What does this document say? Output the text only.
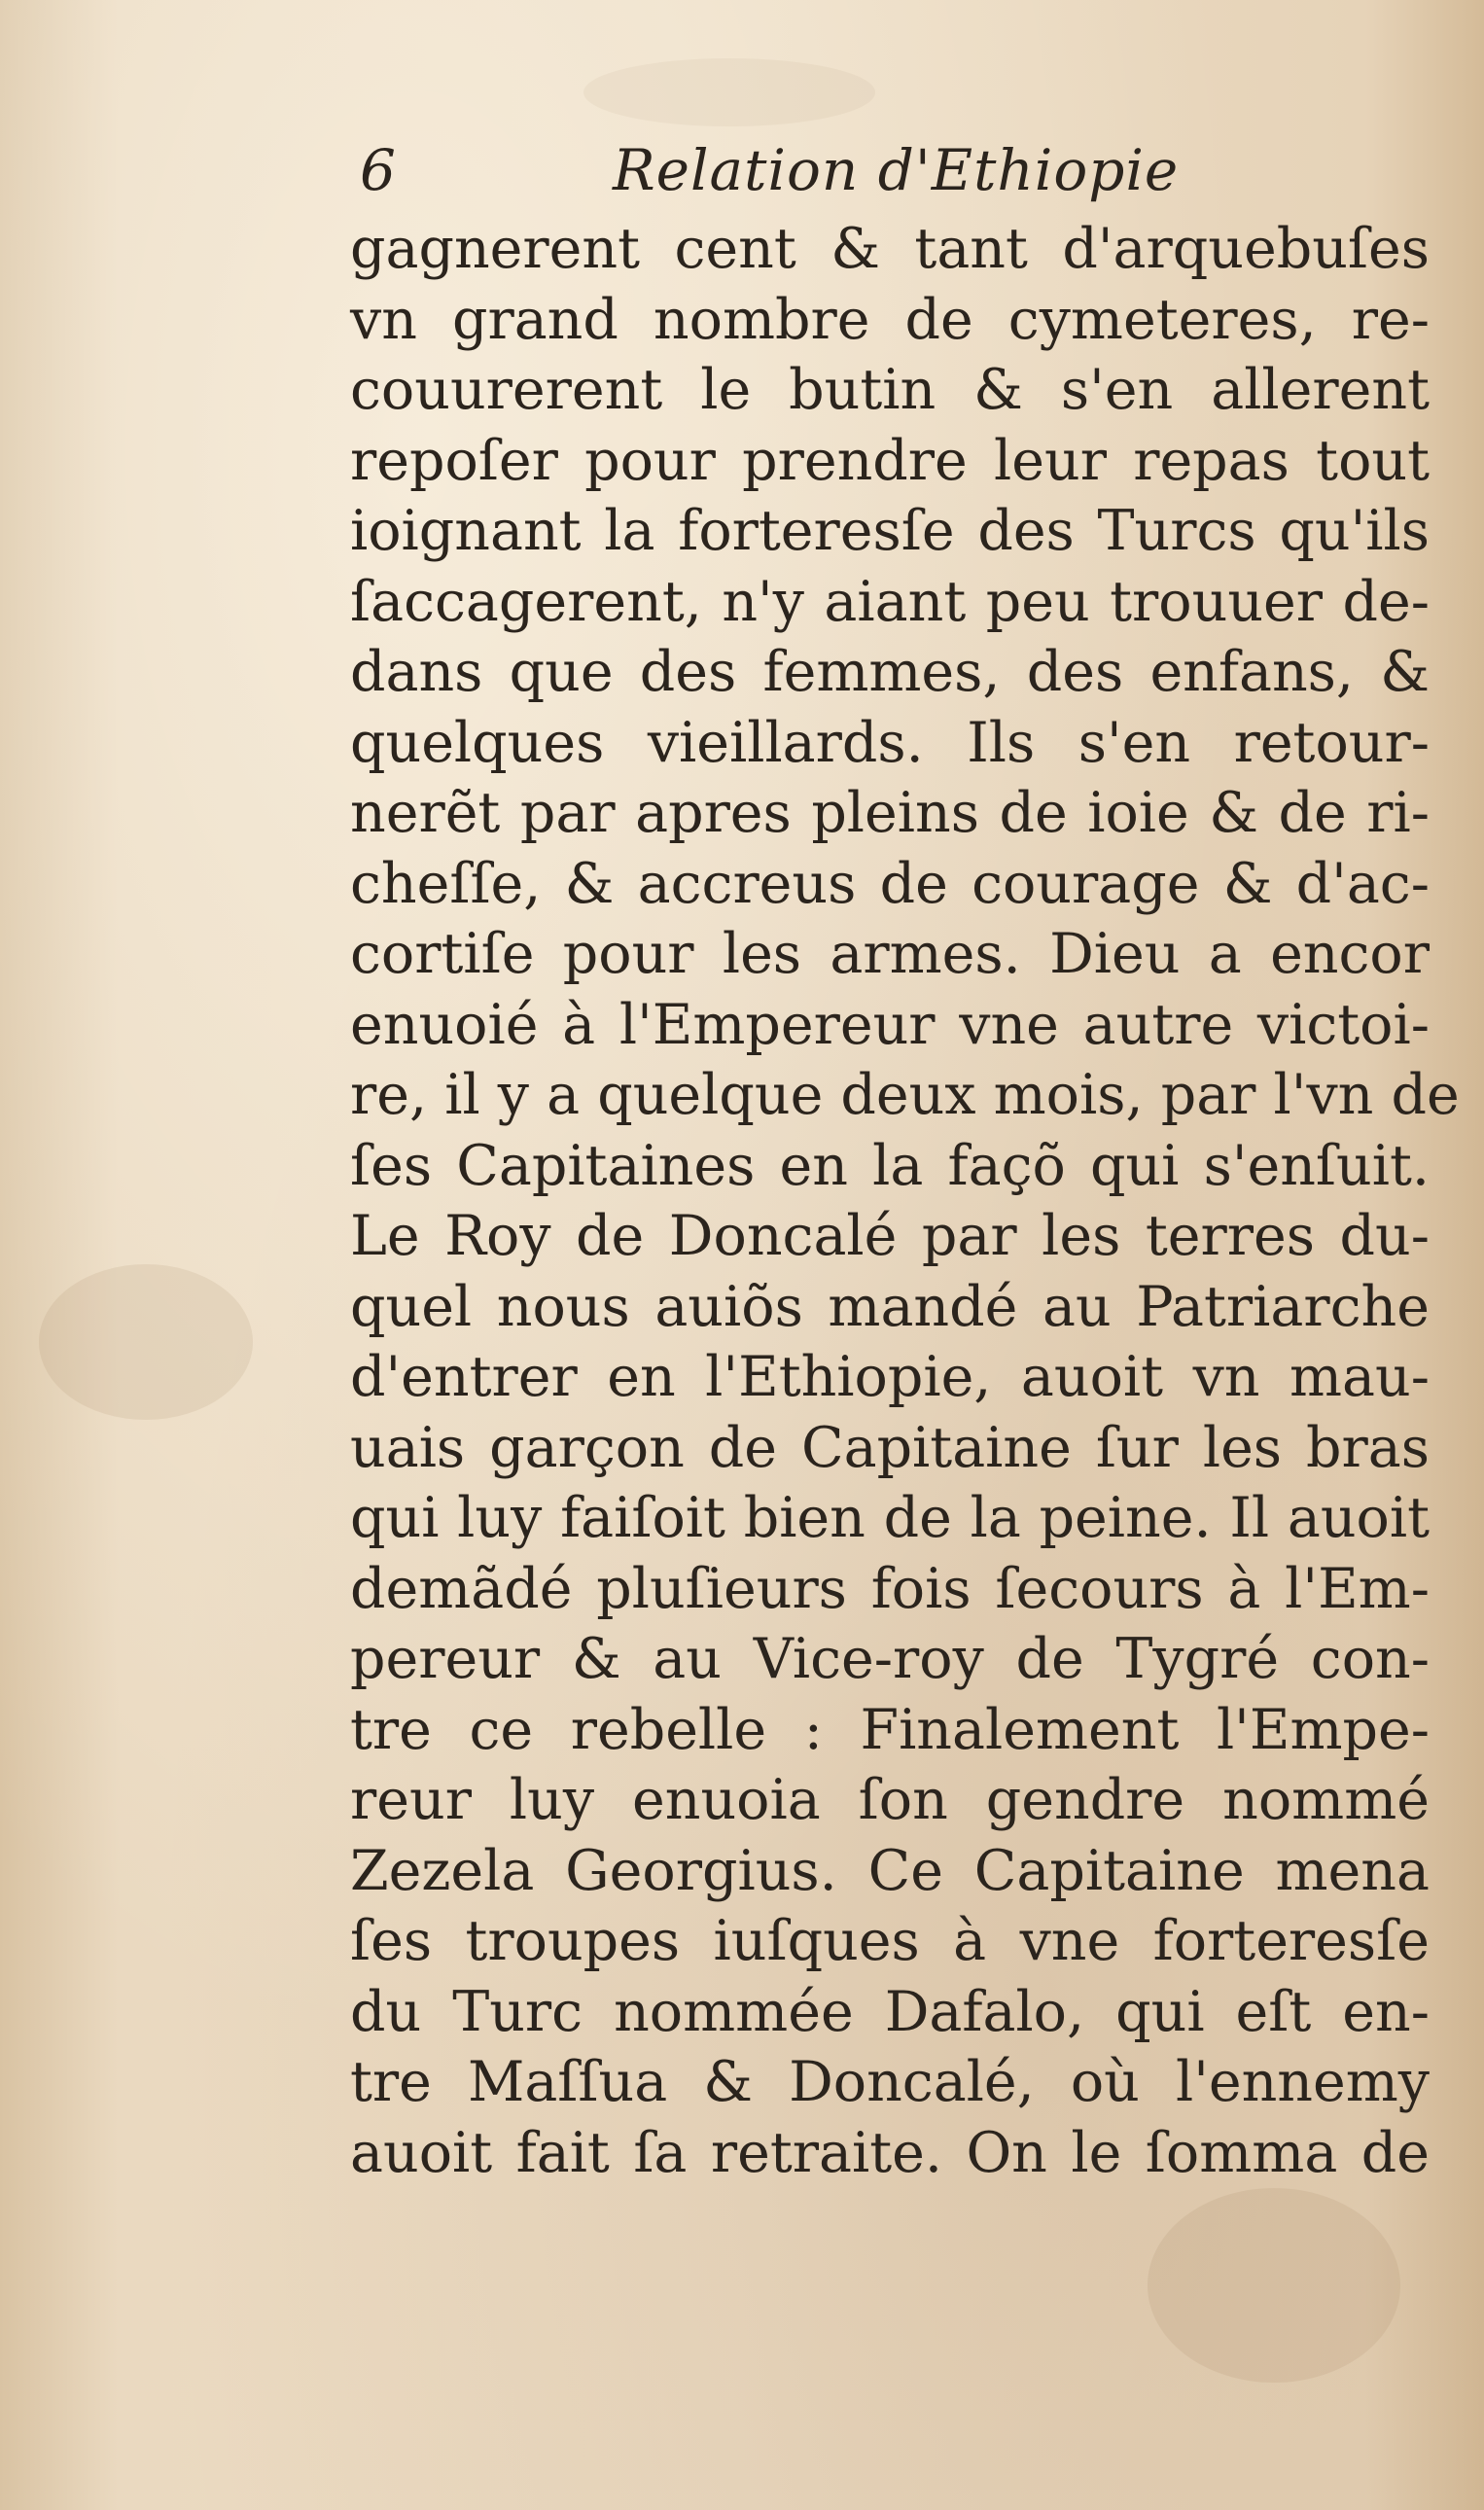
6	Relation d'Ethiopie
gagnerent cent & tant d'arquebuſes
vn grand nombre de cymeteres, re-
couurerent le butin & s'en allerent
repoſer pour prendre leur repas tout
ioignant la forteresſe des Turcs qu'ils
ſaccagerent, n'y aiant peu trouuer de-
dans que des femmes, des enfans, &
quelques vieillards. Ils s'en retour-
nerẽt par apres pleins de ioie & de ri-
cheſſe, & accreus de courage & d'ac-
cortiſe pour les armes. Dieu a encor
enuoié à l'Empereur vne autre victoi-
re, il y a quelque deux mois, par l'vn de
ſes Capitaines en la façõ qui s'enſuit.
Le Roy de Doncalé par les terres du-
quel nous auiõs mandé au Patriarche
d'entrer en l'Ethiopie, auoit vn mau-
uais garçon de Capitaine ſur les bras
qui luy faiſoit bien de la peine. Il auoit
demãdé pluſieurs fois ſecours à l'Em-
pereur & au Vice-roy de Tygré con-
tre ce rebelle : Finalement l'Empe-
reur luy enuoia ſon gendre nommé
Zezela Georgius. Ce Capitaine mena
ſes troupes iuſques à vne forteresſe
du Turc nommée Dafalo, qui eſt en-
tre Maſſua & Doncalé, où l'ennemy
auoit fait ſa retraite. On le ſomma de
